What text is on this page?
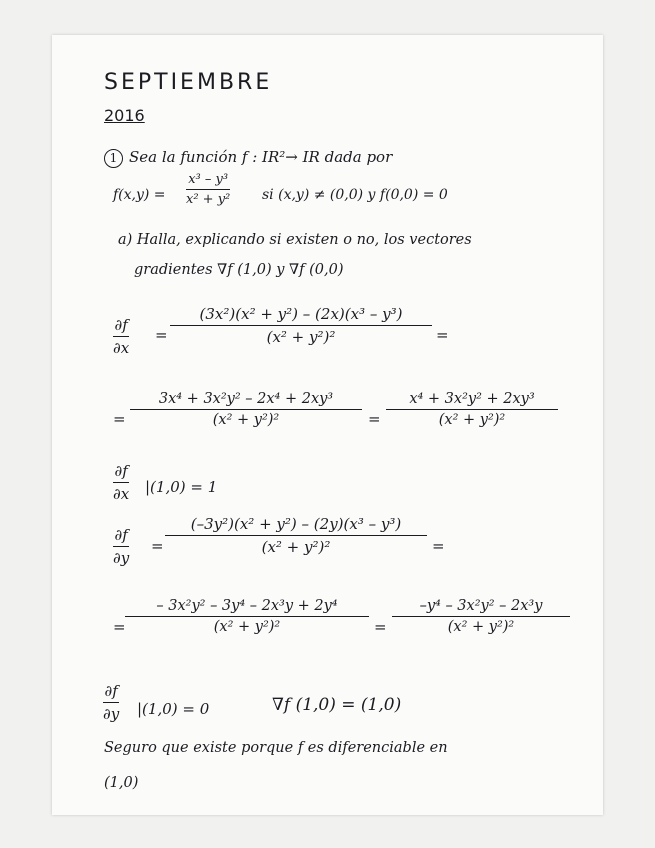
SEPTIEMBRE
2016
1 Sea la función f : IR²→ IR dada por
$f(x,y) = \frac{\text{x³ – y³}}{\text{x² + y²}}$ si (x,y) ≠ (0,0) y f(0,0) = 0
a) Halla, explicando si existen o no, los vectores
gradientes ∇f (1,0) y ∇f (0,0)
$\frac{\partial f}{\partial x} = \frac{\text{(3x²)(x² + y²) – (2x)(x³ – y³)}}{\text{(x² + y²)²}}$ =
= $\frac{\text{3x⁴ + 3x²y² – 2x⁴ + 2xy³}}{\text{(x² + y²)²}} = \frac{\text{x⁴ + 3x²y² + 2xy³}}{\text{(x² + y²)²}}$
$\frac{\partial f}{\partial x} |(1,0) = 1$
$\frac{\partial f}{\partial y} = \frac{\text{(–3y²)(x² + y²) – (2y)(x³ – y³)}}{\text{(x² + y²)²}}$ =
= $\frac{\text{– 3x²y² – 3y⁴ – 2x³y + 2y⁴}}{\text{(x² + y²)²}} = \frac{\text{–y⁴ – 3x²y² – 2x³y}}{\text{(x² + y²)²}}$
$\frac{\partial f}{\partial y} |(1,0) = 0$	∇f (1,0) = (1,0)
Seguro que existe porque f es diferenciable en
(1,0)
